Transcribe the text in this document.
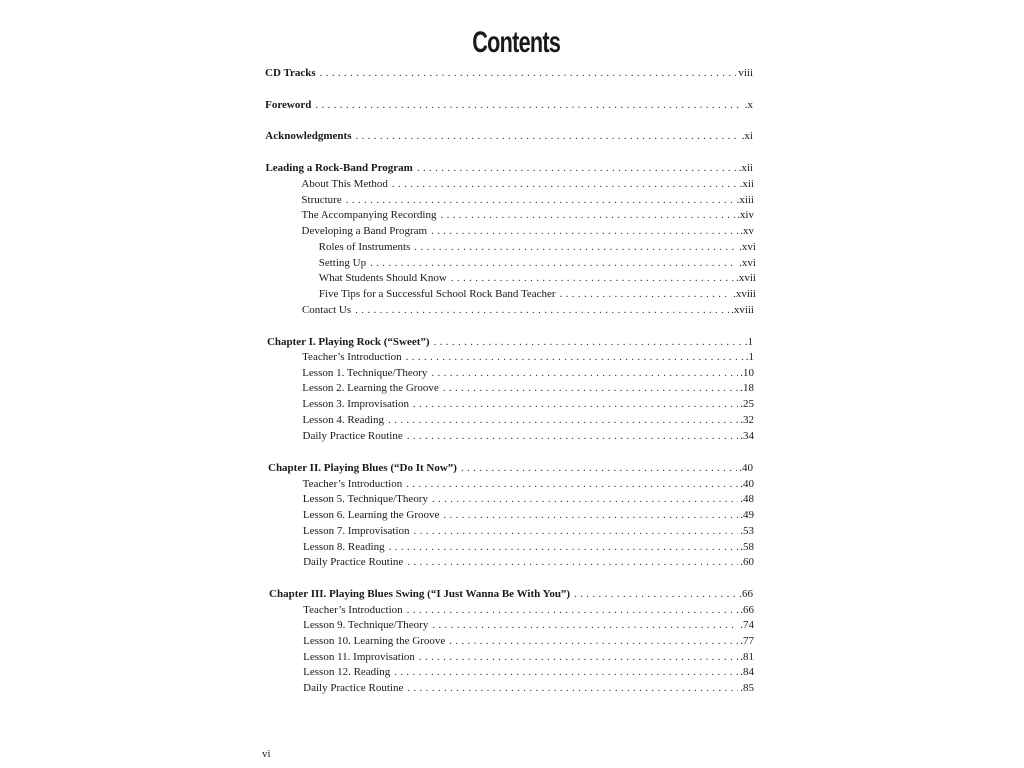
Contents
CD Tracks . . .	viii
Foreword . . .	.x
Acknowledgments . . .	.xi
Leading a Rock-Band Program . . .	.xii
About This Method . . .	.xii
Structure . . .	.xiii
The Accompanying Recording . . .	.xiv
Developing a Band Program . . .	.xv
Roles of Instruments . . .	.xvi
Setting Up . . .	.xvi
What Students Should Know . . .	.xvii
Five Tips for a Successful School Rock Band Teacher . . .	.xviii
Contact Us . . .	.xviii
Chapter I. Playing Rock (“Sweet”) . . .	.1
Teacher’s Introduction . . .	.1
Lesson 1. Technique/Theory . . .	.10
Lesson 2. Learning the Groove . . .	.18
Lesson 3. Improvisation . . .	.25
Lesson 4. Reading . . .	.32
Daily Practice Routine . . .	.34
Chapter II. Playing Blues (“Do It Now”) . . .	.40
Teacher’s Introduction . . .	.40
Lesson 5. Technique/Theory . . .	.48
Lesson 6. Learning the Groove . . .	.49
Lesson 7. Improvisation . . .	.53
Lesson 8. Reading . . .	.58
Daily Practice Routine . . .	.60
Chapter III. Playing Blues Swing (“I Just Wanna Be With You”) . . .	.66
Teacher’s Introduction . . .	.66
Lesson 9. Technique/Theory . . .	.74
Lesson 10. Learning the Groove . . .	.77
Lesson 11. Improvisation . . .	.81
Lesson 12. Reading . . .	.84
Daily Practice Routine . . .	.85
vi
